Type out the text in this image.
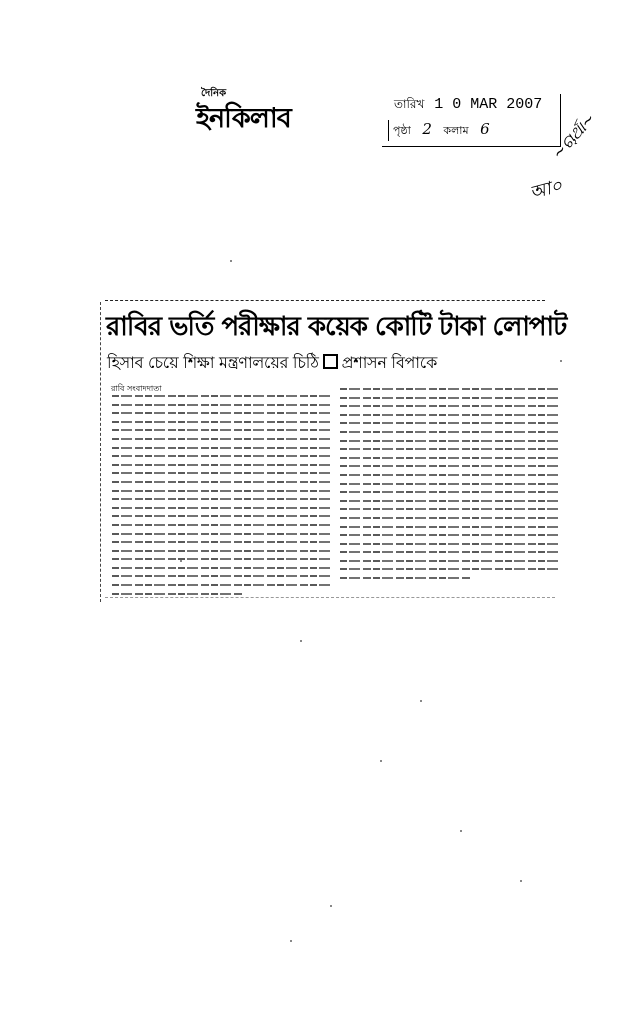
দৈনিক
ইনকিলাব	তারিখ 1 0 MAR 2007
পৃষ্ঠা 2 কলাম 6	~ଚାର୍ଥା~
আ০
রাবির ভর্তি পরীক্ষার কয়েক কোটি টাকা লোপাট
হিসাব চেয়ে শিক্ষা মন্ত্রণালয়ের চিঠি প্রশাসন বিপাকে
রাবি সংবাদদাতা
